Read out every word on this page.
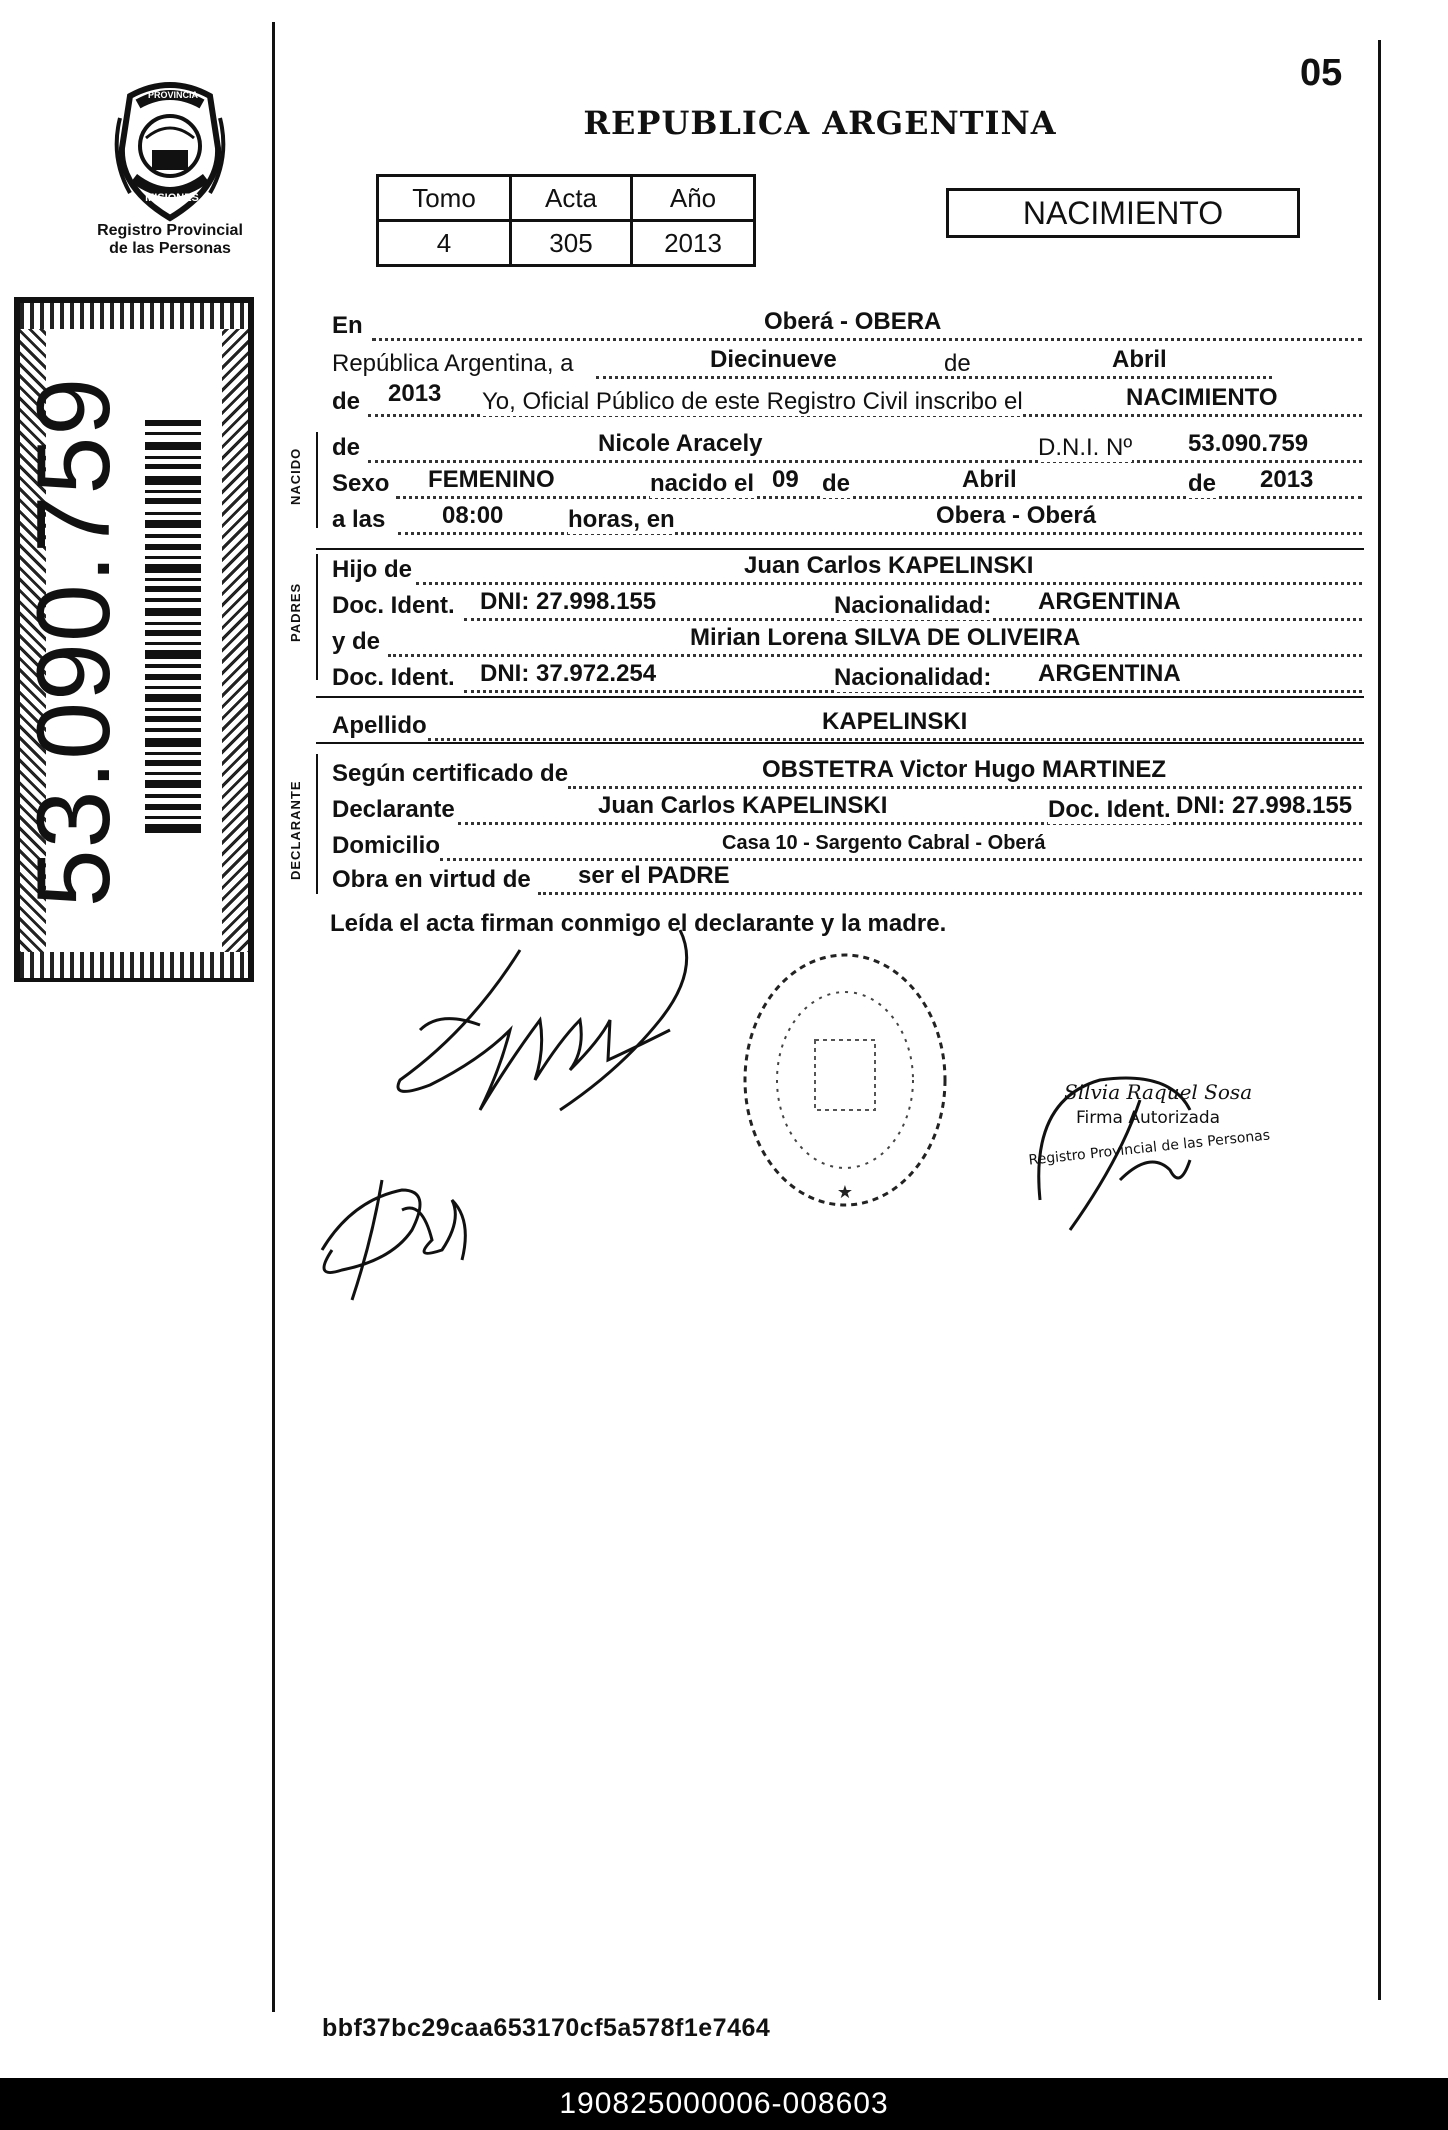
PROVINCIA DE
MISIONES
Registro Provincial
de las Personas
53.090.759
05
REPUBLICA ARGENTINA
Tomo	Acta	Año
4	305	2013
NACIMIENTO
NACIDO
PADRES
DECLARANTE
En	Oberá - OBERA
República Argentina, a	Diecinueve	de	Abril
de 2013 Yo, Oficial Público de este Registro Civil inscribo el	NACIMIENTO
de	Nicole Aracely	D.N.I. Nº 53.090.759
Sexo FEMENINO	nacido el 09 de	Abril	de 2013
a las 08:00	horas, en	Obera - Oberá
Hijo de	Juan Carlos KAPELINSKI
Doc. Ident. DNI: 27.998.155	Nacionalidad: ARGENTINA
y de	Mirian Lorena SILVA DE OLIVEIRA
Doc. Ident. DNI: 37.972.254	Nacionalidad: ARGENTINA
Apellido	KAPELINSKI
Según certificado de	OBSTETRA Victor Hugo MARTINEZ
Declarante	Juan Carlos KAPELINSKI	Doc. Ident. DNI: 27.998.155
Domicilio	Casa 10 - Sargento Cabral - Oberá
Obra en virtud de ser el PADRE
Leída el acta firman conmigo el declarante y la madre.
★
Silvia Raquel Sosa
Firma Autorizada
Registro Provincial de las Personas
bbf37bc29caa653170cf5a578f1e7464
190825000006-008603
